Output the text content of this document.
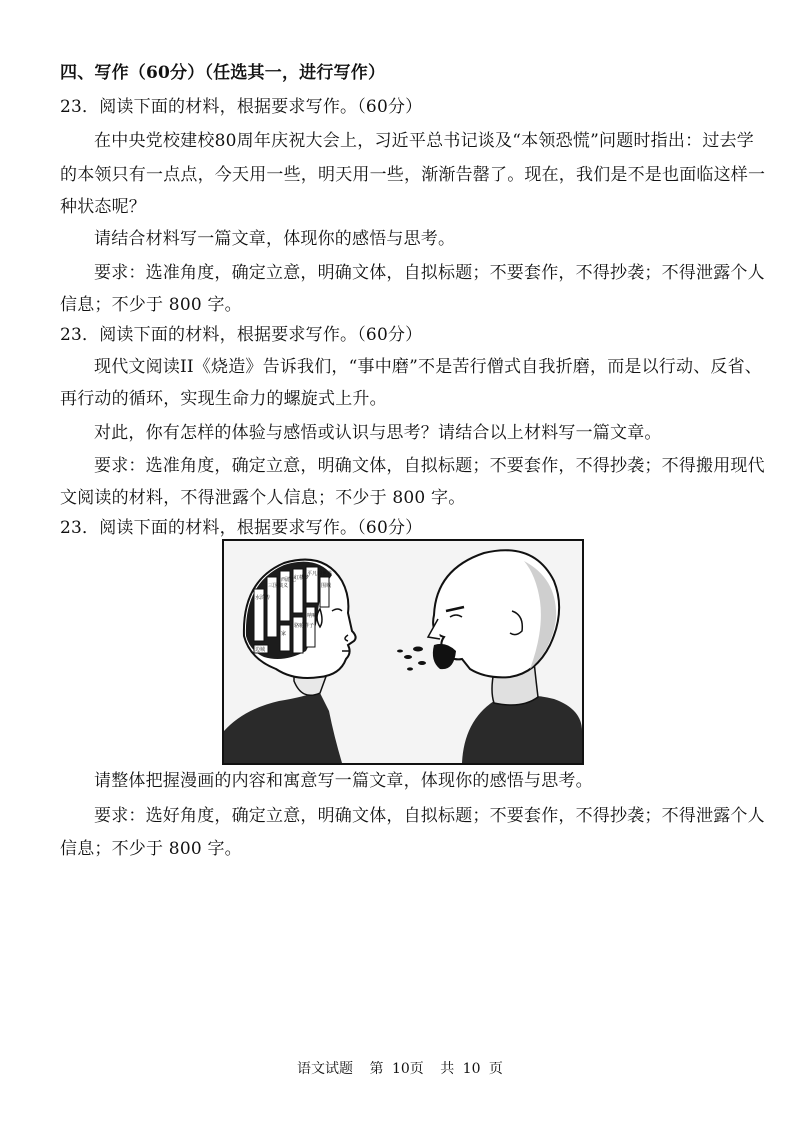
四、写作（60分）（任选其一，进行写作）
23．阅读下面的材料，根据要求写作。（60分）
在中央党校建校80周年庆祝大会上，习近平总书记谈及“本领恐慌”问题时指出：过去学
的本领只有一点点，今天用一些，明天用一些，渐渐告罄了。现在，我们是不是也面临这样一
种状态呢？
请结合材料写一篇文章，体现你的感悟与思考。
要求：选准角度，确定立意，明确文体，自拟标题；不要套作，不得抄袭；不得泄露个人
信息；不少于 800 字。
23．阅读下面的材料，根据要求写作。（60分）
现代文阅读II《烧造》告诉我们，“事中磨”不是苦行僧式自我折磨，而是以行动、反省、
再行动的循环，实现生命力的螺旋式上升。
对此，你有怎样的体验与感悟或认识与思考？请结合以上材料写一篇文章。
要求：选准角度，确定立意，明确文体，自拟标题；不要套作，不得抄袭；不得搬用现代
文阅读的材料，不得泄露个人信息；不少于 800 字。
23．阅读下面的材料，根据要求写作。（60分）
平凡的世界
红楼梦
西游记
三国演义
水浒传
围城
骆驼祥子
呐喊
家
边城
请整体把握漫画的内容和寓意写一篇文章，体现你的感悟与思考。
要求：选好角度，确定立意，明确文体，自拟标题；不要套作，不得抄袭；不得泄露个人
信息；不少于 800 字。
语文试题 第 10页 共 10 页
